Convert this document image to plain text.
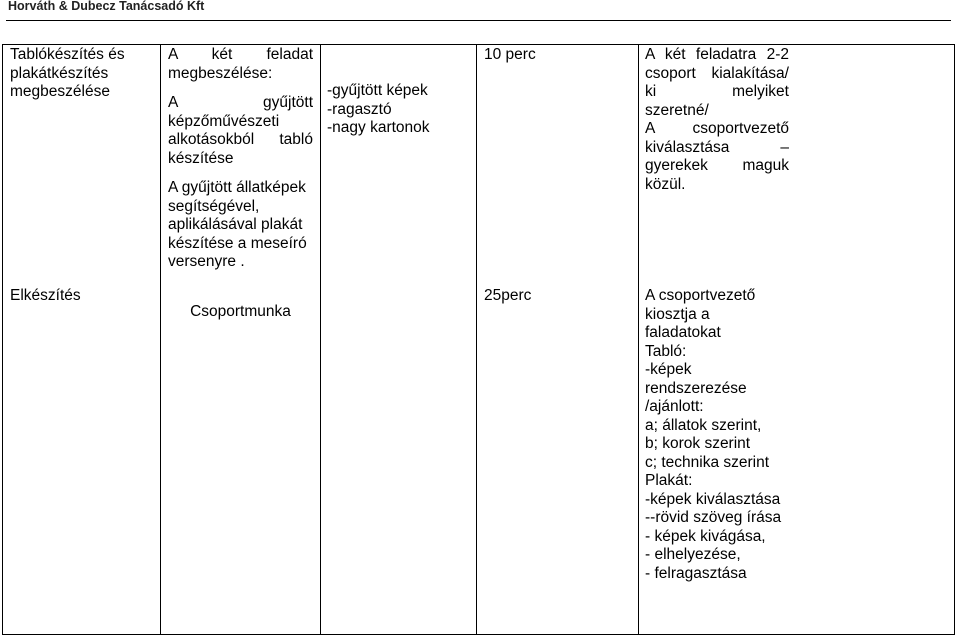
Horváth & Dubecz Tanácsadó Kft
Tablókészítés és
plakátkészítés
megbeszélése
Elkészítés
A két feladat
megbeszélése:
A gyűjtött
képzőművészeti
alkotásokból tabló
készítése
A gyűjtött állatképek
segítségével,
aplikálásával plakát
készítése a meseíró
versenyre .
Csoportmunka
-gyűjtött képek
-ragasztó
-nagy kartonok
10 perc
25perc
A két feladatra 2-2
csoport kialakítása/
ki melyiket
szeretné/
A csoportvezető
kiválasztása –
gyerekek maguk
közül.
A csoportvezető
kiosztja a
faladatokat
Tabló:
-képek
rendszerezése
/ajánlott:
a; állatok szerint,
b; korok szerint
c; technika szerint
Plakát:
-képek kiválasztása
--rövid szöveg írása
- képek kivágása,
- elhelyezése,
- felragasztása
